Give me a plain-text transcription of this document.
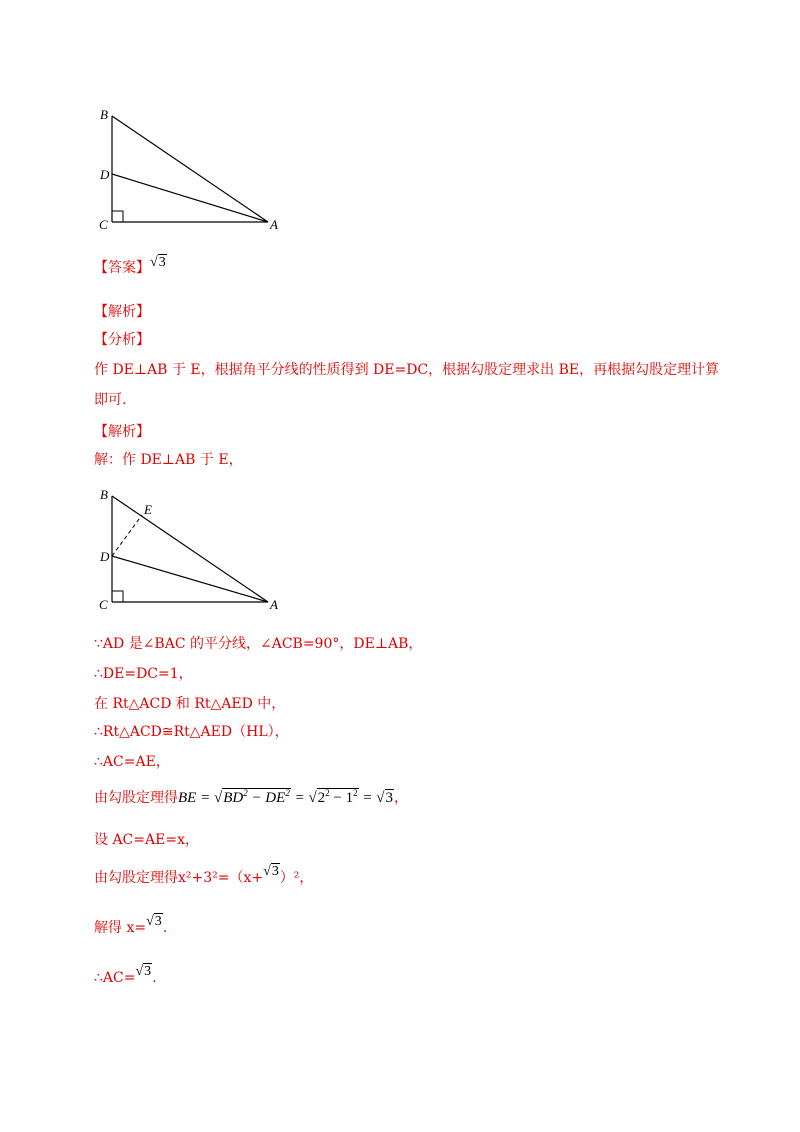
B
D
C	A
【答案】√3
【解析】
【分析】
作 DE⊥AB 于 E，根据角平分线的性质得到 DE=DC，根据勾股定理求出 BE，再根据勾股定理计算
即可.
【解析】
解：作 DE⊥AB 于 E，
B
E
D
C	A
∵AD 是∠BAC 的平分线，∠ACB=90°，DE⊥AB，
∴DE=DC=1，
在 Rt△ACD 和 Rt△AED 中，
∴Rt△ACD≅Rt△AED（HL），
∴AC=AE，
由勾股定理得BE = $√BD^2 - DE^2 = √2^2 - 1^2 = √3$，
设 AC=AE=x，
由勾股定理得x²+3²=（x+√3）²，
解得 x=√3.
∴AC=√3.
